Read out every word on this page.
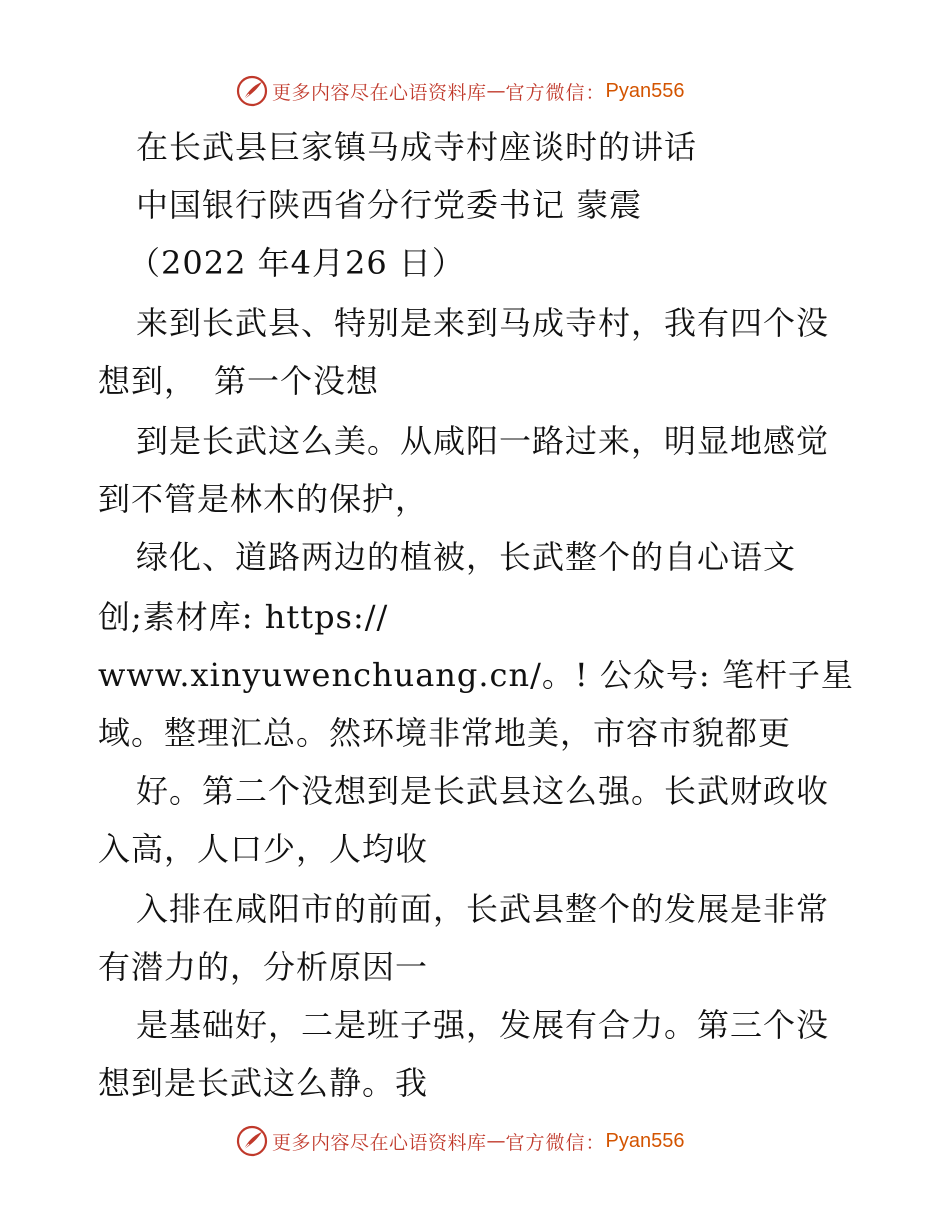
更多内容尽在心语资料库 — 官方微信： Pyan556
在长武县巨家镇马成寺村座谈时的讲话
中国银行陕西省分行党委书记 蒙震
（2022 年4月26 日）
来到长武县、特别是来到马成寺村，我有四个没
想到，　第一个没想
到是长武这么美。从咸阳一路过来，明显地感觉
到不管是林木的保护，
绿化、道路两边的植被，长武整个的自心语文
创;素材库: https://
www.xinyuwenchuang.cn/。! 公众号: 笔杆子星
域。整理汇总。然环境非常地美，市容市貌都更
好。第二个没想到是长武县这么强。长武财政收
入高，人口少，人均收
入排在咸阳市的前面，长武县整个的发展是非常
有潜力的，分析原因一
是基础好，二是班子强，发展有合力。第三个没
想到是长武这么静。我
更多内容尽在心语资料库 — 官方微信： Pyan556
